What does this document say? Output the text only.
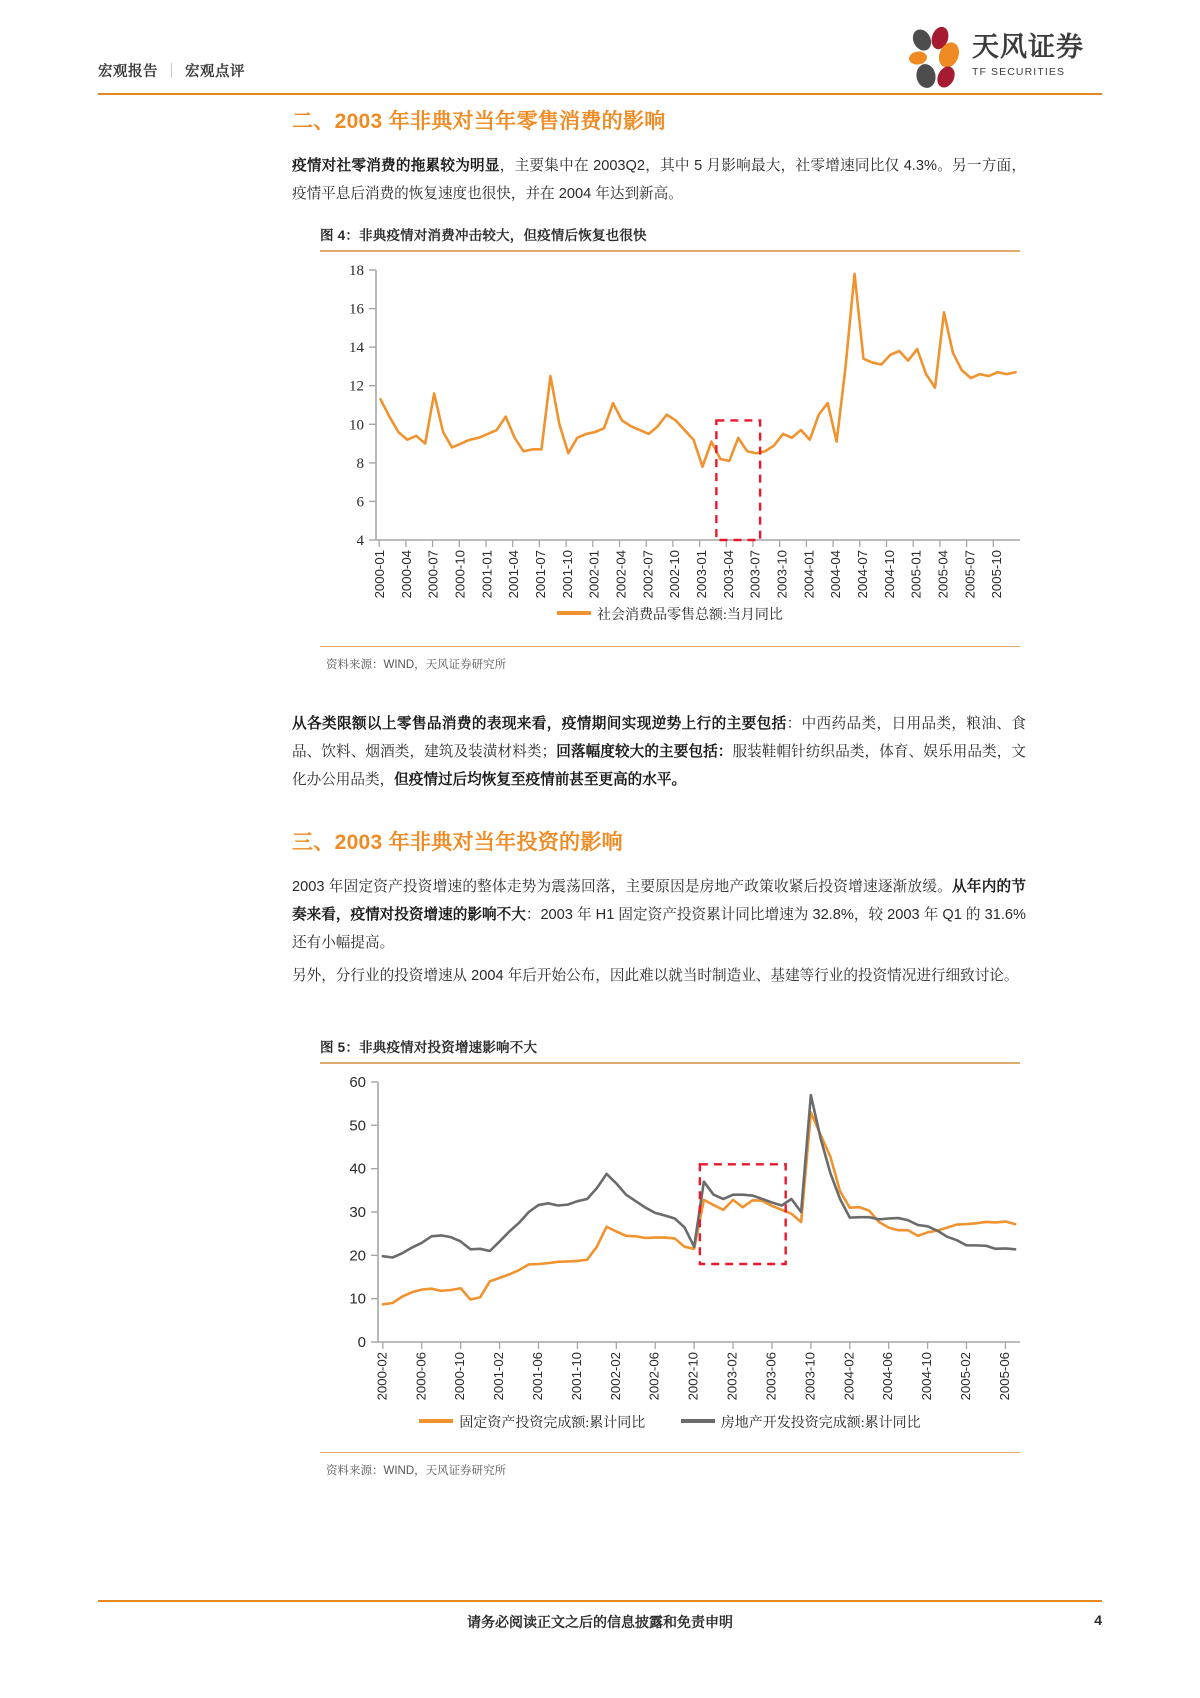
宏观报告 ｜ 宏观点评
天风证券
TF SECURITIES
二、2003 年非典对当年零售消费的影响
疫情对社零消费的拖累较为明显，主要集中在 2003Q2，其中 5 月影响最大，社零增速同比仅 4.3%。另一方面，疫情平息后消费的恢复速度也很快，并在 2004 年达到新高。
图 4：非典疫情对消费冲击较大，但疫情后恢复也很快
18
16
14
12
10
8
6
4
2000-01 2000-04 2000-07 2000-10 2001-01 2001-04 2001-07 2001-10 2002-01 2002-04 2002-07 2002-10 2003-01 2003-04 2003-07 2003-10 2004-01 2004-04 2004-07 2004-10 2005-01 2005-04 2005-07 2005-10
社会消费品零售总额:当月同比
资料来源：WIND，天风证券研究所
从各类限额以上零售品消费的表现来看，疫情期间实现逆势上行的主要包括：中西药品类，日用品类，粮油、食品、饮料、烟酒类，建筑及装潢材料类；回落幅度较大的主要包括：服装鞋帽针纺织品类，体育、娱乐用品类，文化办公用品类，但疫情过后均恢复至疫情前甚至更高的水平。
三、2003 年非典对当年投资的影响
2003 年固定资产投资增速的整体走势为震荡回落，主要原因是房地产政策收紧后投资增速逐渐放缓。从年内的节奏来看，疫情对投资增速的影响不大：2003 年 H1 固定资产投资累计同比增速为 32.8%，较 2003 年 Q1 的 31.6%还有小幅提高。
另外，分行业的投资增速从 2004 年后开始公布，因此难以就当时制造业、基建等行业的投资情况进行细致讨论。
图 5：非典疫情对投资增速影响不大
60
50
40
30
20
10
0
2000-02 2000-06 2000-10 2001-02 2001-06 2001-10 2002-02 2002-06 2002-10 2003-02 2003-06 2003-10 2004-02 2004-06 2004-10 2005-02 2005-06
固定资产投资完成额:累计同比	房地产开发投资完成额:累计同比
资料来源：WIND，天风证券研究所
请务必阅读正文之后的信息披露和免责申明	4
